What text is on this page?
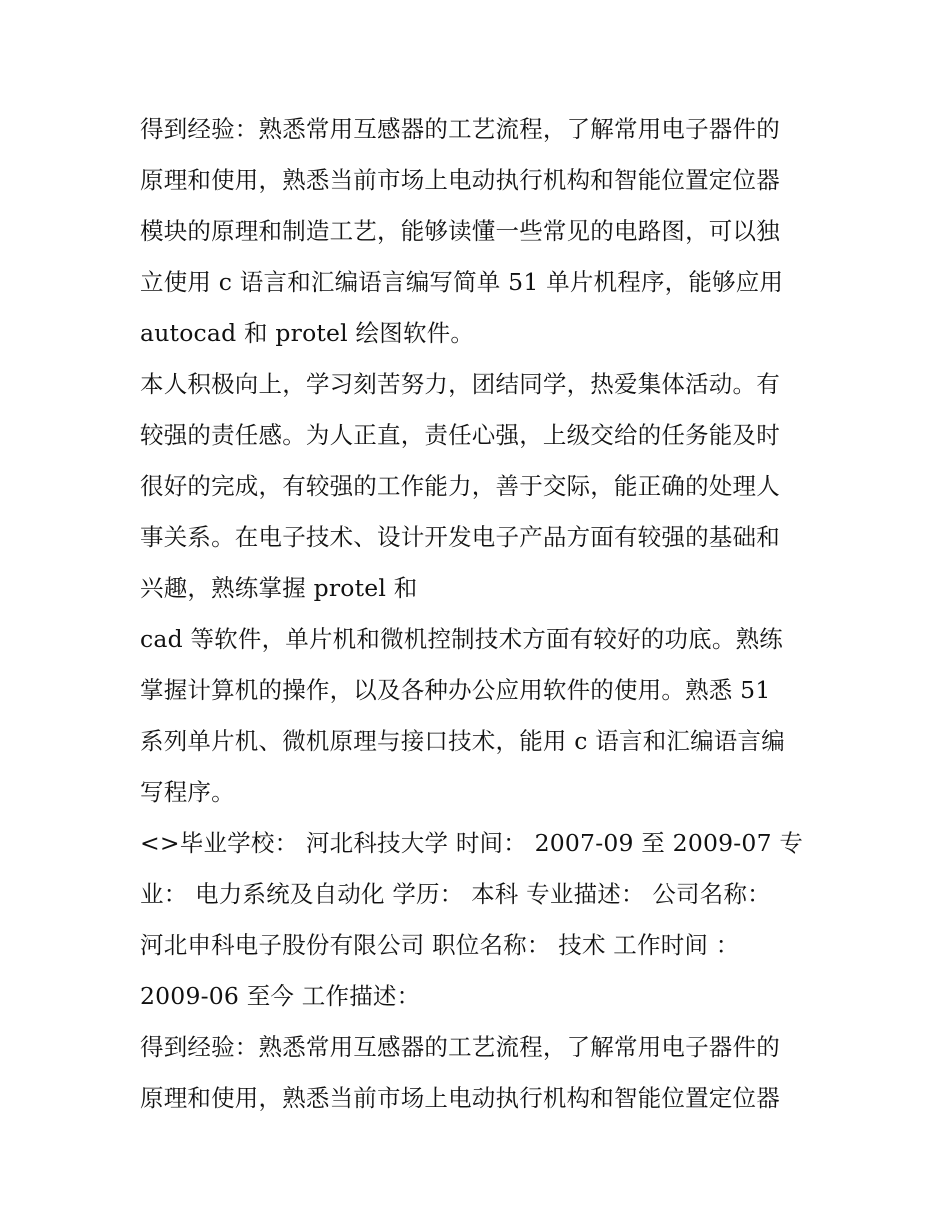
得到经验：熟悉常用互感器的工艺流程，了解常用电子器件的
原理和使用，熟悉当前市场上电动执行机构和智能位置定位器
模块的原理和制造工艺，能够读懂一些常见的电路图，可以独
立使用 c 语言和汇编语言编写简单 51 单片机程序，能够应用
autocad 和 protel 绘图软件。
本人积极向上，学习刻苦努力，团结同学，热爱集体活动。有
较强的责任感。为人正直，责任心强，上级交给的任务能及时
很好的完成，有较强的工作能力，善于交际，能正确的处理人
事关系。在电子技术、设计开发电子产品方面有较强的基础和
兴趣，熟练掌握 protel 和
cad 等软件，单片机和微机控制技术方面有较好的功底。熟练
掌握计算机的操作，以及各种办公应用软件的使用。熟悉 51
系列单片机、微机原理与接口技术，能用 c 语言和汇编语言编
写程序。
<>毕业学校： 河北科技大学 时间： 2007-09 至 2009-07 专
业： 电力系统及自动化 学历： 本科 专业描述： 公司名称：
河北申科电子股份有限公司 职位名称： 技术 工作时间 ：
2009-06 至今 工作描述：
得到经验：熟悉常用互感器的工艺流程，了解常用电子器件的
原理和使用，熟悉当前市场上电动执行机构和智能位置定位器
